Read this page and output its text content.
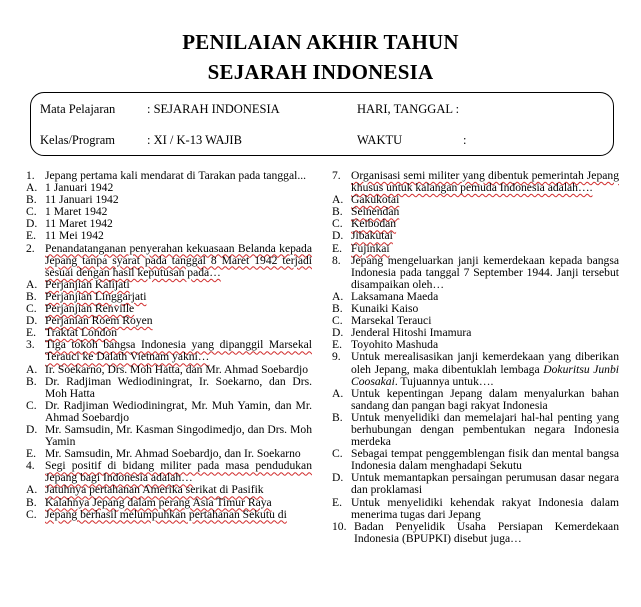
PENILAIAN AKHIR TAHUN
SEJARAH INDONESIA
Mata Pelajaran	: SEJARAH INDONESIA	HARI, TANGGAL :
Kelas/Program	: XI / K-13 WAJIB	WAKTU	:
1. Jepang pertama kali mendarat di Tarakan pada tanggal...
A. 1 Januari 1942
B. 11 Januari 1942
C. 1 Maret 1942
D. 11 Maret 1942
E. 11 Mei 1942
2. Penandatanganan penyerahan kekuasaan Belanda kepada Jepang tanpa syarat pada tanggal 8 Maret 1942 terjadi sesuai dengan hasil keputusan pada…
A. Perjanjian Kalijati
B. Perjanjian Linggarjati
C. Perjanjian Renville
D. Perjanian Roem Royen
E. Traktat London
3. Tiga tokoh bangsa Indonesia yang dipanggil Marsekal Terauci ke Dalath Vietnam yakni…
A. Ir. Soekarno, Drs. Moh Hatta, dan Mr. Ahmad Soebardjo
B. Dr. Radjiman Wediodiningrat, Ir. Soekarno, dan Drs. Moh Hatta
C. Dr. Radjiman Wediodiningrat, Mr. Muh Yamin, dan Mr. Ahmad Soebardjo
D. Mr. Samsudin, Mr. Kasman Singodimedjo, dan Drs. Moh Yamin
E. Mr. Samsudin, Mr. Ahmad Soebardjo, dan Ir. Soekarno
4. Segi positif di bidang militer pada masa pendudukan Jepang bagi Indonesia adalah…
A. Jatuhnya pertahanan Amerika serikat di Pasifik
B. Kalahnya Jepang dalam perang Asia Timur Raya
C. Jepang berhasil melumpuhkan pertahanan Sekutu di
7. Organisasi semi militer yang dibentuk pemerintah Jepang khusus untuk kalangan pemuda Indonesia adalah….
A. Gakukotai
B. Seinendan
C. Keibodan
D. Jibakutai
E. Fujinkai
8. Jepang mengeluarkan janji kemerdekaan kepada bangsa Indonesia pada tanggal 7 September 1944. Janji tersebut disampaikan oleh…
A. Laksamana Maeda
B. Kunaiki Kaiso
C. Marsekal Terauci
D. Jenderal Hitoshi Imamura
E. Toyohito Mashuda
9. Untuk merealisasikan janji kemerdekaan yang diberikan oleh Jepang, maka dibentuklah lembaga Dokuritsu Junbi Coosakai. Tujuannya untuk….
A. Untuk kepentingan Jepang dalam menyalurkan bahan sandang dan pangan bagi rakyat Indonesia
B. Untuk menyelidiki dan memelajari hal-hal penting yang berhubungan dengan pembentukan negara Indonesia merdeka
C. Sebagai tempat penggemblengan fisik dan mental bangsa Indonesia dalam menghadapi Sekutu
D. Untuk memantapkan persaingan perumusan dasar negara dan proklamasi
E. Untuk menyelidiki kehendak rakyat Indonesia dalam menerima tugas dari Jepang
10. Badan Penyelidik Usaha Persiapan Kemerdekaan Indonesia (BPUPKI) disebut juga…
